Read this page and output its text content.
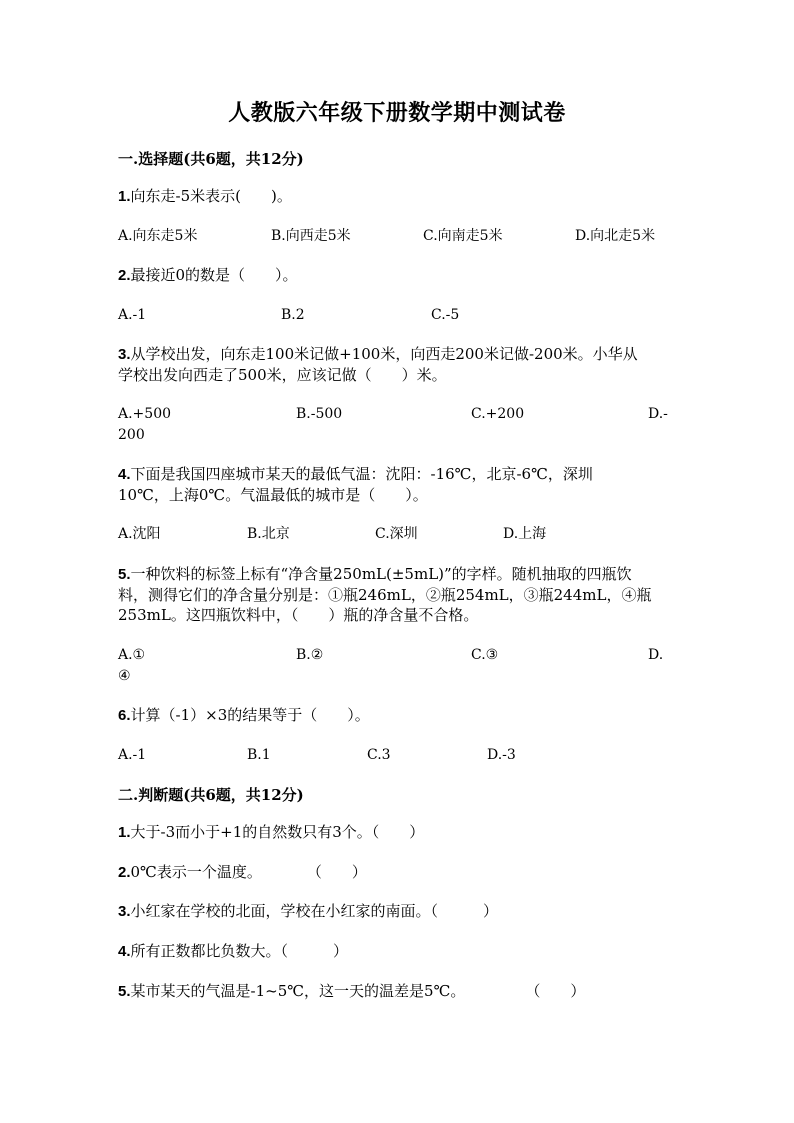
人教版六年级下册数学期中测试卷
一.选择题(共6题，共12分)
1.向东走-5米表示(　　)。
A.向东走5米	B.向西走5米	C.向南走5米	D.向北走5米
2.最接近0的数是（　　）。
A.-1	B.2	C.-5
3.从学校出发，向东走100米记做+100米，向西走200米记做-200米。小华从
学校出发向西走了500米，应该记做（　　）米。
A.+500	B.-500	C.+200	D.-
200
4.下面是我国四座城市某天的最低气温：沈阳：-16℃，北京-6℃，深圳
10℃，上海0℃。气温最低的城市是（　　）。
A.沈阳	B.北京	C.深圳	D.上海
5.一种饮料的标签上标有“净含量250mL(±5mL)”的字样。随机抽取的四瓶饮
料，测得它们的净含量分别是：①瓶246mL，②瓶254mL，③瓶244mL，④瓶
253mL。这四瓶饮料中，（　　）瓶的净含量不合格。
A.①	B.②	C.③	D.
④
6.计算（-1）×3的结果等于（　　）。
A.-1	B.1	C.3	D.-3
二.判断题(共6题，共12分)
1.大于-3而小于+1的自然数只有3个。（　　）
2.0℃表示一个温度。　　　　（　　）
3.小红家在学校的北面，学校在小红家的南面。（　　　）
4.所有正数都比负数大。（　　　）
5.某市某天的气温是-1~5℃，这一天的温差是5℃。　　　　　（　　）
